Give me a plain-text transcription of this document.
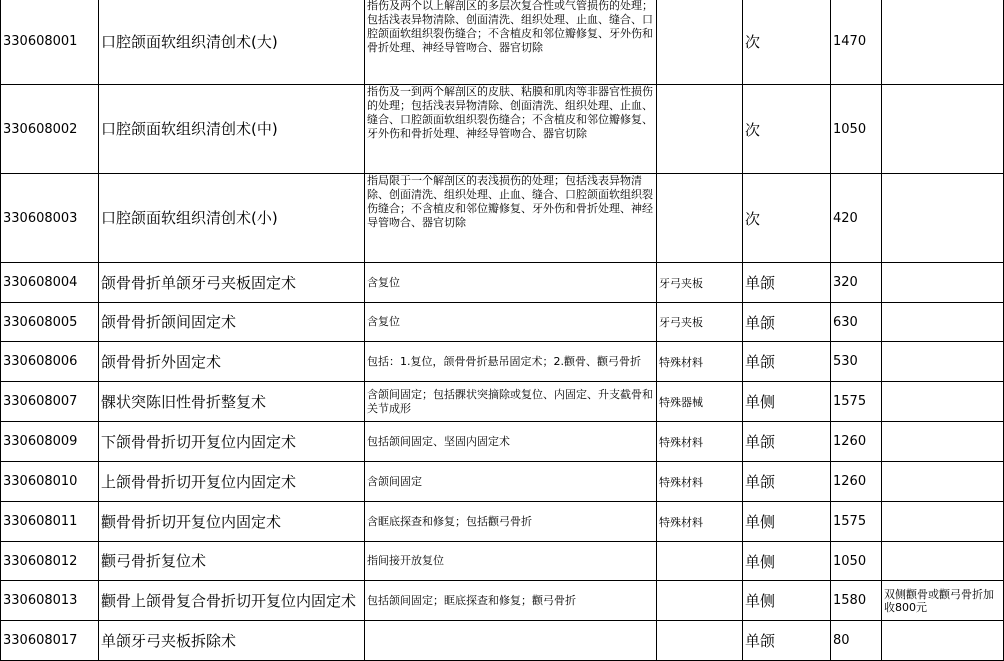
330608001	口腔颌面软组织清创术(大)	指伤及两个以上解剖区的多层次复合性或气管损伤的处理；包括浅表异物清除、创面清洗、组织处理、止血、缝合、口腔颌面软组织裂伤缝合；不含植皮和邻位瓣修复、牙外伤和骨折处理、神经导管吻合、器官切除		次	1470	
330608002	口腔颌面软组织清创术(中)	指伤及一到两个解剖区的皮肤、粘膜和肌肉等非器官性损伤的处理；包括浅表异物清除、创面清洗、组织处理、止血、缝合、口腔颌面软组织裂伤缝合；不含植皮和邻位瓣修复、牙外伤和骨折处理、神经导管吻合、器官切除		次	1050	
330608003	口腔颌面软组织清创术(小)	指局限于一个解剖区的表浅损伤的处理；包括浅表异物清除、创面清洗、组织处理、止血、缝合、口腔颌面软组织裂伤缝合；不含植皮和邻位瓣修复、牙外伤和骨折处理、神经导管吻合、器官切除		次	420	
330608004	颌骨骨折单颌牙弓夹板固定术	含复位	牙弓夹板	单颌	320	
330608005	颌骨骨折颌间固定术	含复位	牙弓夹板	单颌	630	
330608006	颌骨骨折外固定术	包括：1.复位，颌骨骨折悬吊固定术；2.颧骨、颧弓骨折	特殊材料	单颌	530	
330608007	髁状突陈旧性骨折整复术	含颌间固定；包括髁状突摘除或复位、内固定、升支截骨和关节成形	特殊器械	单侧	1575	
330608009	下颌骨骨折切开复位内固定术	包括颌间固定、坚固内固定术	特殊材料	单颌	1260	
330608010	上颌骨骨折切开复位内固定术	含颌间固定	特殊材料	单颌	1260	
330608011	颧骨骨折切开复位内固定术	含眶底探查和修复；包括颧弓骨折	特殊材料	单侧	1575	
330608012	颧弓骨折复位术	指间接开放复位		单侧	1050	
330608013	颧骨上颌骨复合骨折切开复位内固定术	包括颌间固定；眶底探查和修复；颧弓骨折		单侧	1580	双侧颧骨或颧弓骨折加收800元
330608017	单颌牙弓夹板拆除术			单颌	80	
